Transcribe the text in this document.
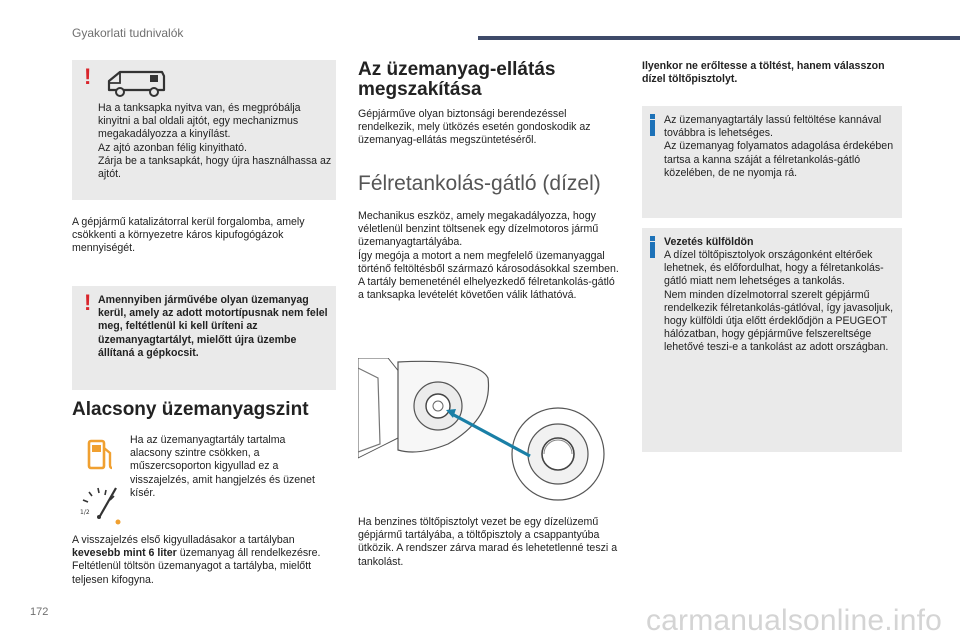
Gyakorlati tudnivalók
!
Ha a tanksapka nyitva van, és megpróbálja kinyitni a bal oldali ajtót, egy mechanizmus megakadályozza a kinyílást.
Az ajtó azonban félig kinyitható.
Zárja be a tanksapkát, hogy újra használhassa az ajtót.
A gépjármű katalizátorral kerül forgalomba, amely csökkenti a környezetre káros kipufogógázok mennyiségét.
! Amennyiben járművébe olyan üzemanyag kerül, amely az adott motortípusnak nem felel meg, feltétlenül ki kell üríteni az üzemanyagtartályt, mielőtt újra üzembe állítaná a gépkocsit.
Alacsony üzemanyagszint
1/2
Ha az üzemanyagtartály tartalma alacsony szintre csökken, a műszercsoporton kigyullad ez a visszajelzés, amit hangjelzés és üzenet kísér.
A visszajelzés első kigyulladásakor a tartályban kevesebb mint 6 liter üzemanyag áll rendelkezésre.
Feltétlenül töltsön üzemanyagot a tartályba, mielőtt teljesen kifogyna.
Az üzemanyag-ellátás megszakítása
Gépjárműve olyan biztonsági berendezéssel rendelkezik, mely ütközés esetén gondoskodik az üzemanyag-ellátás megszüntetéséről.
Félretankolás-gátló (dízel)
Mechanikus eszköz, amely megakadályozza, hogy véletlenül benzint töltsenek egy dízelmotoros jármű üzemanyagtartályába.
Így megója a motort a nem megfelelő üzemanyaggal történő feltöltésből származó károsodásokkal szemben.
A tartály bemeneténél elhelyezkedő félretankolás-gátló a tanksapka levételét követően válik láthatóvá.
Ha benzines töltőpisztolyt vezet be egy dízelüzemű gépjármű tartályába, a töltőpisztoly a csappantyúba ütközik. A rendszer zárva marad és lehetetlenné teszi a tankolást.
Ilyenkor ne erőltesse a töltést, hanem válasszon dízel töltőpisztolyt.
Az üzemanyagtartály lassú feltöltése kannával továbbra is lehetséges.
Az üzemanyag folyamatos adagolása érdekében tartsa a kanna száját a félretankolás-gátló közelében, de ne nyomja rá.
Vezetés külföldön
A dízel töltőpisztolyok országonként eltérőek lehetnek, és előfordulhat, hogy a félretankolás-gátló miatt nem lehetséges a tankolás.
Nem minden dízelmotorral szerelt gépjármű rendelkezik félretankolás-gátlóval, így javasoljuk, hogy külföldi útja előtt érdeklődjön a PEUGEOT hálózatban, hogy gépjárműve felszereltsége lehetővé teszi-e a tankolást az adott országban.
172	carmanualsonline.info
